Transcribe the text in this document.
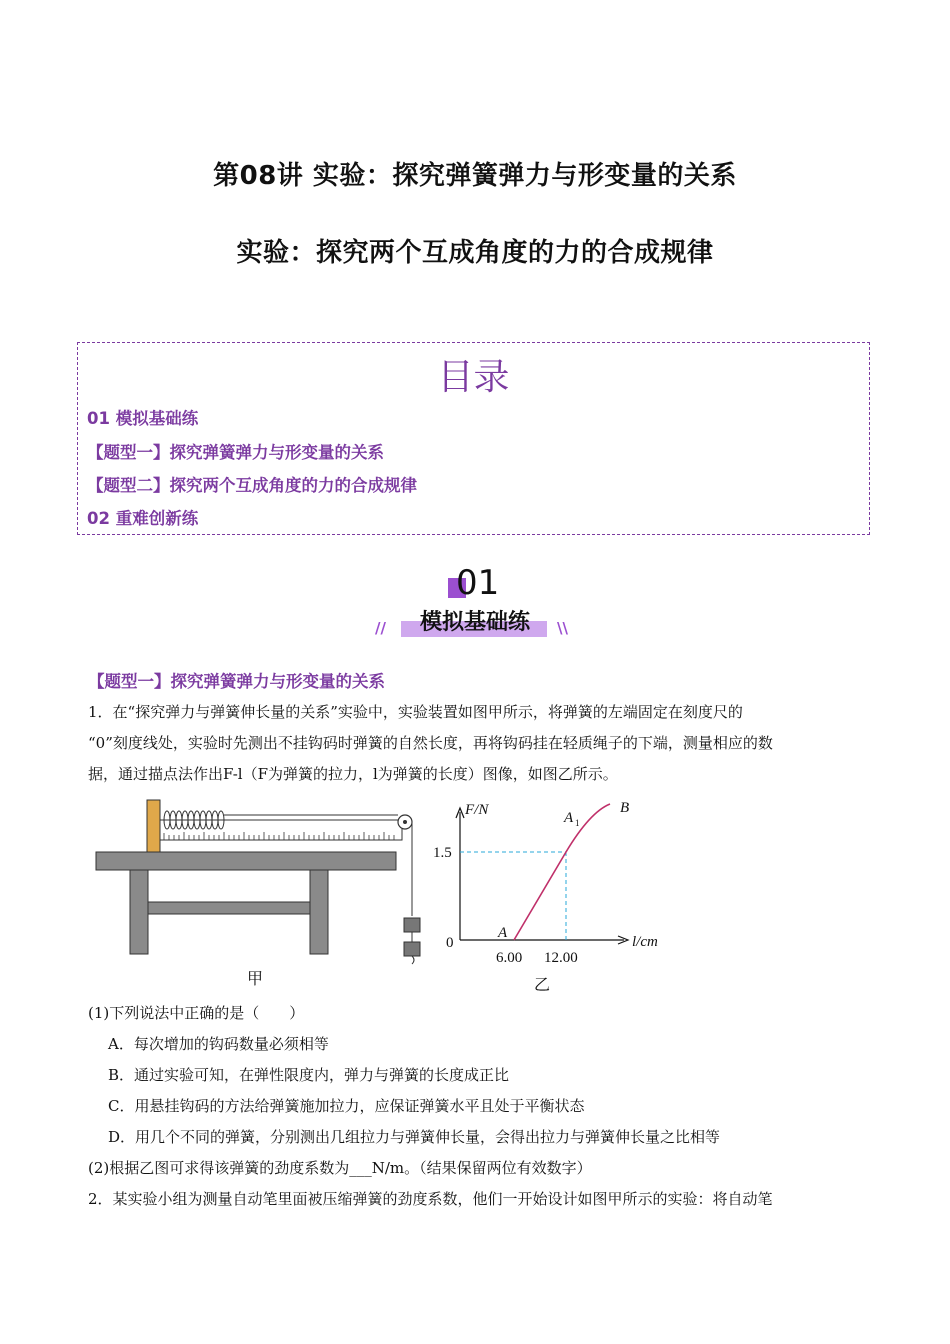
第08讲 实验：探究弹簧弹力与形变量的关系
实验：探究两个互成角度的力的合成规律
目录
01 模拟基础练
【题型一】探究弹簧弹力与形变量的关系
【题型二】探究两个互成角度的力的合成规律
02 重难创新练
01
//	模拟基础练	\\
【题型一】探究弹簧弹力与形变量的关系
1．在“探究弹力与弹簧伸长量的关系”实验中，实验装置如图甲所示，将弹簧的左端固定在刻度尺的
“0”刻度线处，实验时先测出不挂钩码时弹簧的自然长度，再将钩码挂在轻质绳子的下端，测量相应的数
据，通过描点法作出F-l（F为弹簧的拉力，l为弹簧的长度）图像，如图乙所示。
甲
F/N
l/cm
0
1.5
6.00 12.00
A
A 1
B
乙
(1)下列说法中正确的是（　　）
A．每次增加的钩码数量必须相等
B．通过实验可知，在弹性限度内，弹力与弹簧的长度成正比
C．用悬挂钩码的方法给弹簧施加拉力，应保证弹簧水平且处于平衡状态
D．用几个不同的弹簧，分别测出几组拉力与弹簧伸长量，会得出拉力与弹簧伸长量之比相等
(2)根据乙图可求得该弹簧的劲度系数为___N/m。（结果保留两位有效数字）
2．某实验小组为测量自动笔里面被压缩弹簧的劲度系数，他们一开始设计如图甲所示的实验：将自动笔
